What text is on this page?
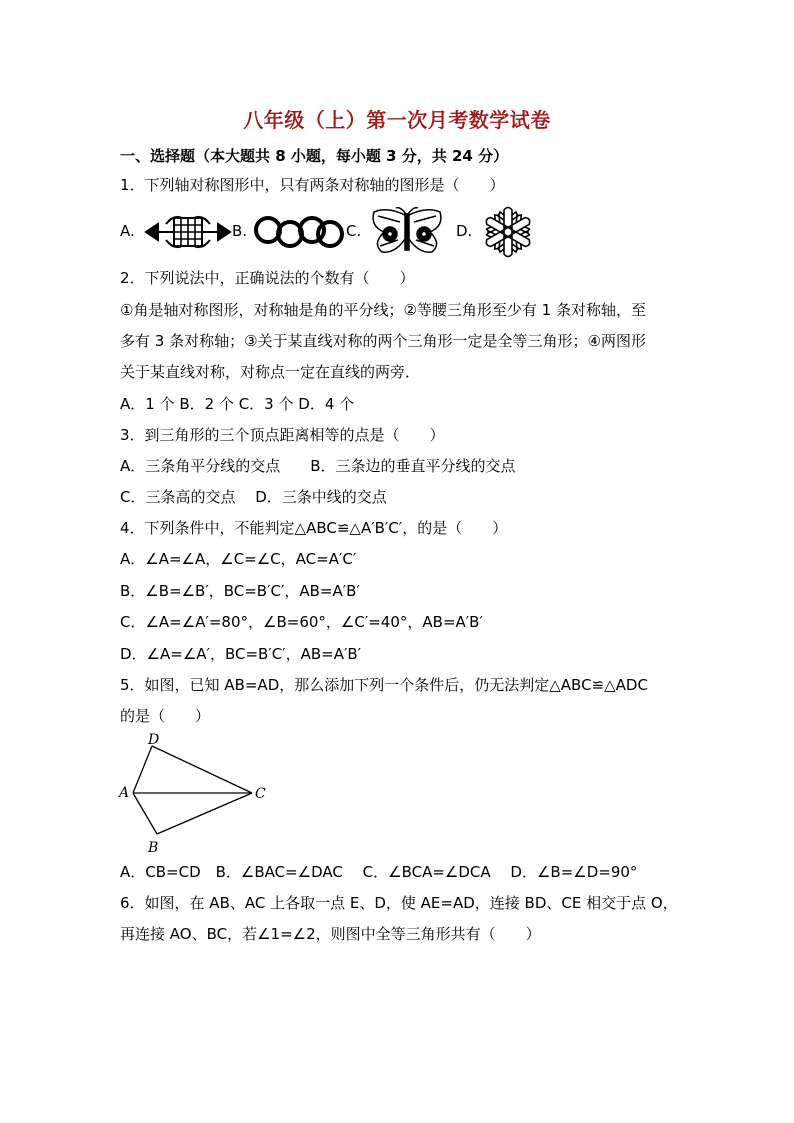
八年级（上）第一次月考数学试卷
一、选择题（本大题共 8 小题，每小题 3 分，共 24 分）
1．下列轴对称图形中，只有两条对称轴的图形是（　　）
A.	B.	C.	D.
2．下列说法中，正确说法的个数有（　　）
①角是轴对称图形，对称轴是角的平分线；②等腰三角形至少有 1 条对称轴，至
多有 3 条对称轴；③关于某直线对称的两个三角形一定是全等三角形；④两图形
关于某直线对称，对称点一定在直线的两旁．
A．1 个 B．2 个 C．3 个 D．4 个
3．到三角形的三个顶点距离相等的点是（　　）
A．三条角平分线的交点　　B．三条边的垂直平分线的交点
C．三条高的交点　 D．三条中线的交点
4．下列条件中，不能判定△ABC≌△A′B′C′，的是（　　）
A．∠A=∠A，∠C=∠C，AC=A′C′
B．∠B=∠B′，BC=B′C′，AB=A′B′
C．∠A=∠A′=80°，∠B=60°，∠C′=40°，AB=A′B′
D．∠A=∠A′，BC=B′C′，AB=A′B′
5．如图，已知 AB=AD，那么添加下列一个条件后，仍无法判定△ABC≌△ADC
的是（　　）
D
A	C
B
A．CB=CD　B．∠BAC=∠DAC　 C．∠BCA=∠DCA　 D．∠B=∠D=90°
6．如图，在 AB、AC 上各取一点 E、D，使 AE=AD，连接 BD、CE 相交于点 O，
再连接 AO、BC，若∠1=∠2，则图中全等三角形共有（　　）
